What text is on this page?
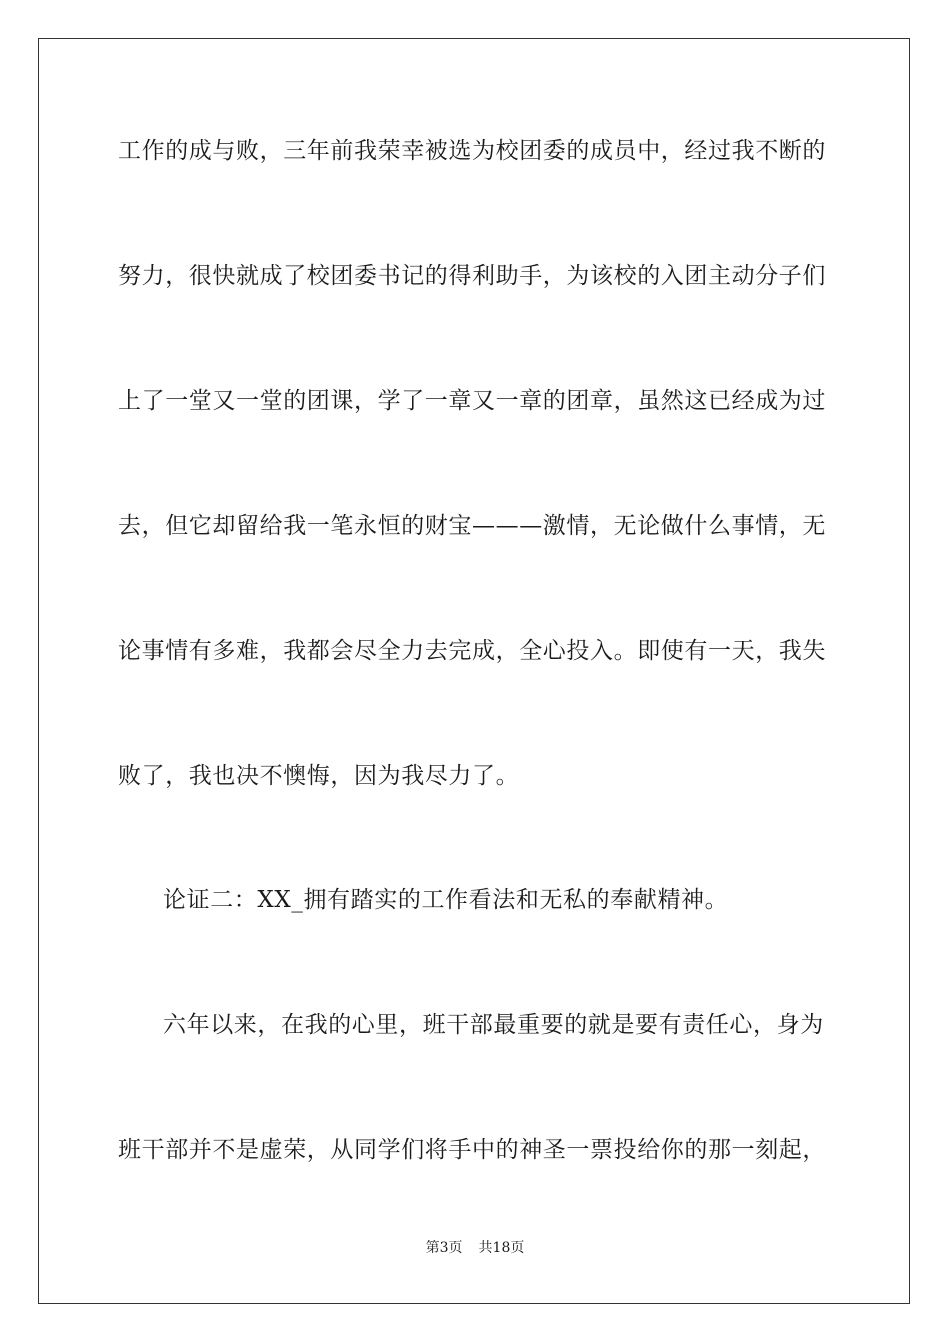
工作的成与败，三年前我荣幸被选为校团委的成员中，经过我不断的
努力，很快就成了校团委书记的得利助手，为该校的入团主动分子们
上了一堂又一堂的团课，学了一章又一章的团章，虽然这已经成为过
去，但它却留给我一笔永恒的财宝———激情，无论做什么事情，无
论事情有多难，我都会尽全力去完成，全心投入。即使有一天，我失
败了，我也决不懊悔，因为我尽力了。
论证二：XX_拥有踏实的工作看法和无私的奉献精神。
六年以来，在我的心里，班干部最重要的就是要有责任心，身为
班干部并不是虚荣，从同学们将手中的神圣一票投给你的那一刻起，
第3页 共18页
